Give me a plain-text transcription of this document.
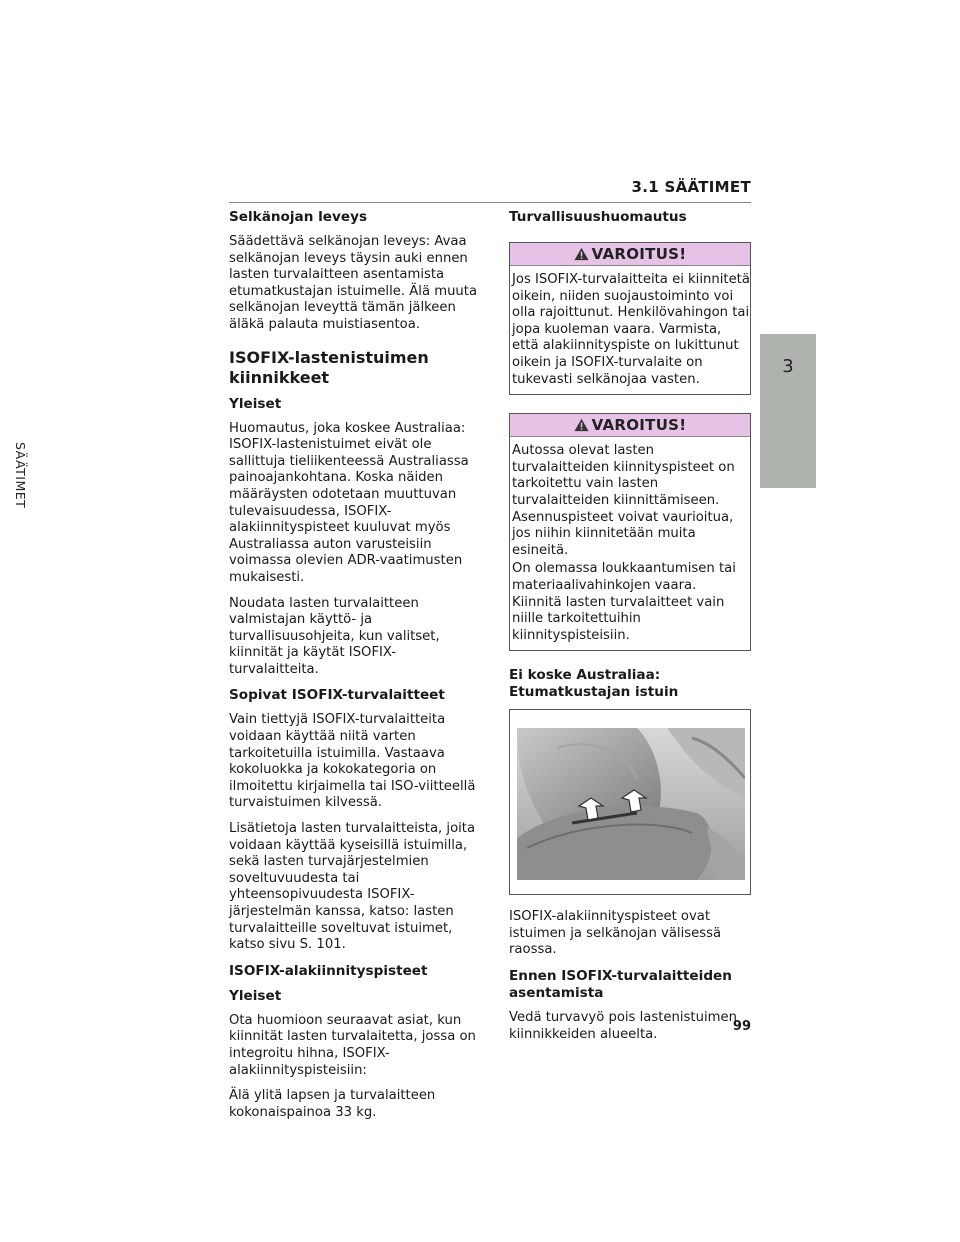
3.1 SÄÄTIMET
3
SÄÄTIMET
Selkänojan leveys

Säädettävä selkänojan leveys: Avaa selkänojan leveys täysin auki ennen lasten turvalaitteen asentamista etumatkustajan istuimelle. Älä muuta selkänojan leveyttä tämän jälkeen äläkä palauta muistiasentoa.

ISOFIX-lastenistuimen kiinnikkeet
Yleiset

Huomautus, joka koskee Australiaa: ISOFIX-lastenistuimet eivät ole sallittuja tieliikenteessä Australiassa painoajankohtana. Koska näiden määräysten odotetaan muuttuvan tulevaisuudessa, ISOFIX-alakiinnityspisteet kuuluvat myös Australiassa auton varusteisiin voimassa olevien ADR-vaatimusten mukaisesti.

Noudata lasten turvalaitteen valmistajan käyttö- ja turvallisuusohjeita, kun valitset, kiinnität ja käytät ISOFIX-turvalaitteita.

Sopivat ISOFIX-turvalaitteet

Vain tiettyjä ISOFIX-turvalaitteita voidaan käyttää niitä varten tarkoitetuilla istuimilla. Vastaava kokoluokka ja kokokategoria on ilmoitettu kirjaimella tai ISO-viitteellä turvaistuimen kilvessä.

Lisätietoja lasten turvalaitteista, joita voidaan käyttää kyseisillä istuimilla, sekä lasten turvajärjestelmien soveltuvuudesta tai yhteensopivuudesta ISOFIX-järjestelmän kanssa, katso: lasten turvalaitteille soveltuvat istuimet, katso sivu S. 101.

ISOFIX-alakiinnityspisteet
Yleiset

Ota huomioon seuraavat asiat, kun kiinnität lasten turvalaitetta, jossa on integroitu hihna, ISOFIX-alakiinnityspisteisiin:

Älä ylitä lapsen ja turvalaitteen kokonaispainoa 33 kg.

Turvallisuushuomautus
VAROITUS!

Jos ISOFIX-turvalaitteita ei kiinnitetä oikein, niiden suojaustoiminto voi olla rajoittunut. Henkilövahingon tai jopa kuoleman vaara. Varmista, että alakiinnityspiste on lukittunut oikein ja ISOFIX-turvalaite on tukevasti selkänojaa vasten.

VAROITUS!

Autossa olevat lasten turvalaitteiden kiinnityspisteet on tarkoitettu vain lasten turvalaitteiden kiinnittämiseen. Asennuspisteet voivat vaurioitua, jos niihin kiinnitetään muita esineitä.

On olemassa loukkaantumisen tai materiaalivahinkojen vaara. Kiinnitä lasten turvalaitteet vain niille tarkoitettuihin kiinnityspisteisiin.

Ei koske Australiaa: Etumatkustajan istuin

ISOFIX-alakiinnityspisteet ovat istuimen ja selkänojan välisessä raossa.

Ennen ISOFIX-turvalaitteiden asentamista

Vedä turvavyö pois lastenistuimen kiinnikkeiden alueelta.

99
